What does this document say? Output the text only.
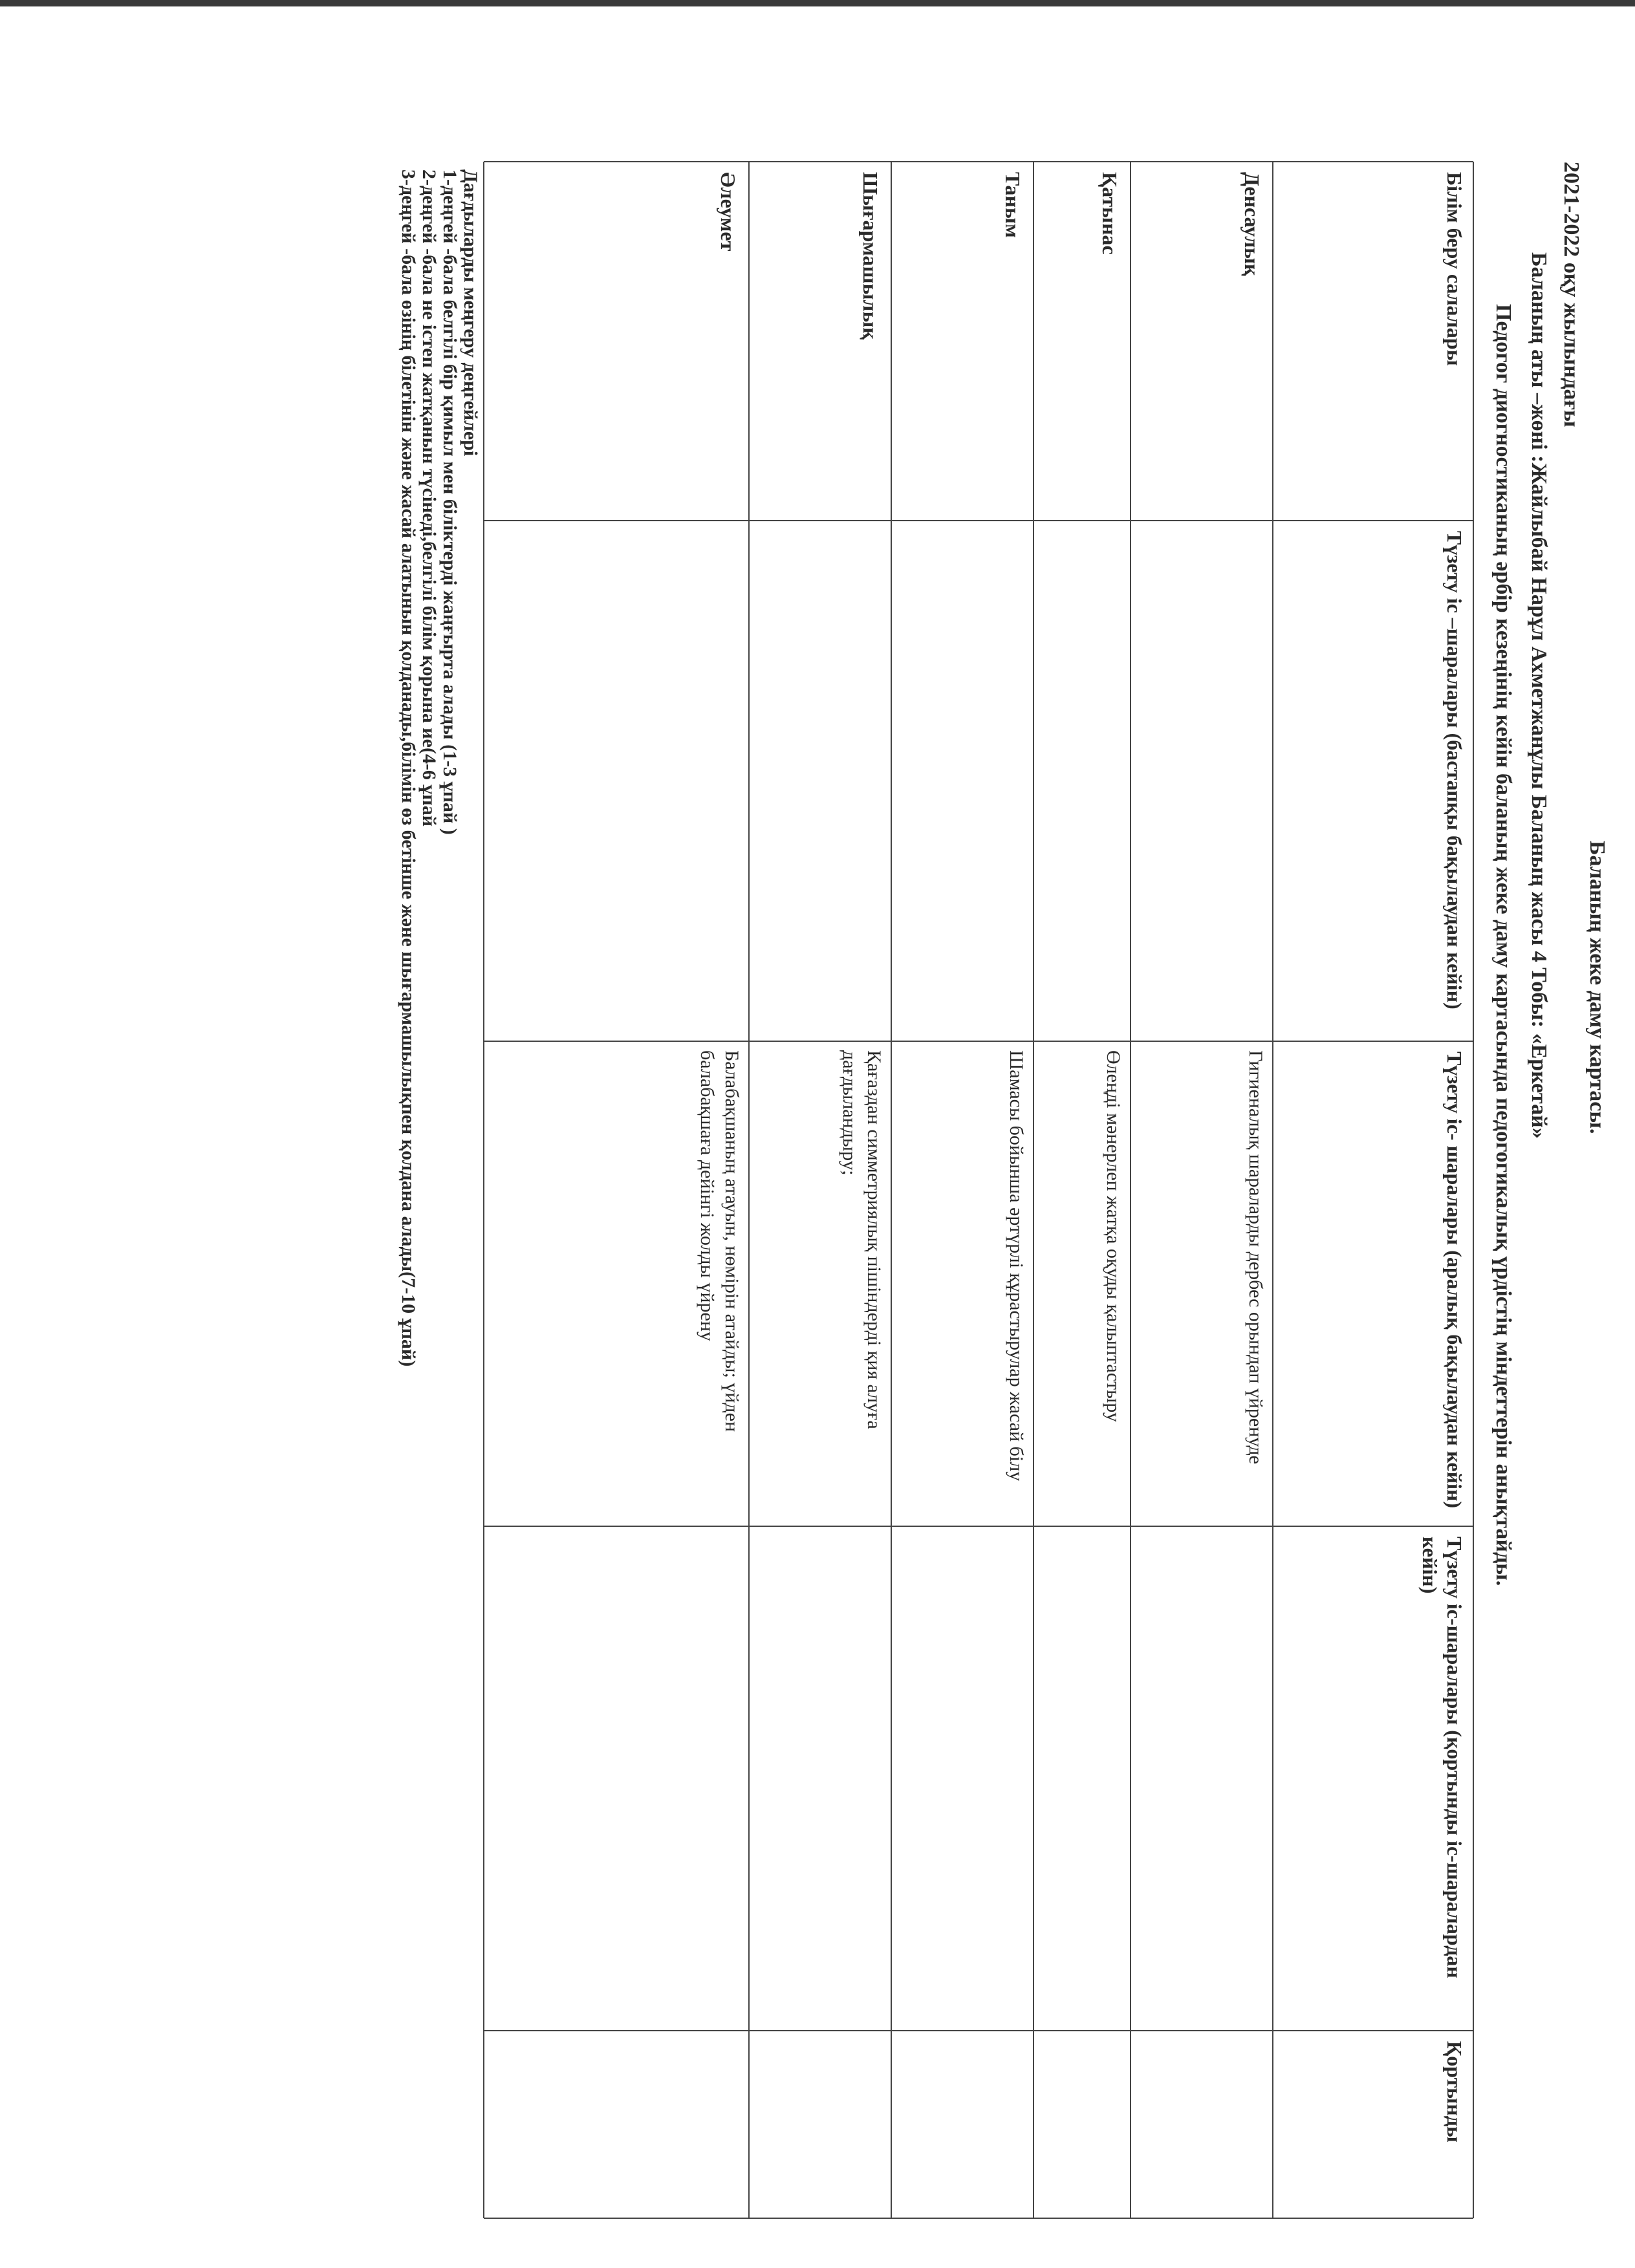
2021-2022 оқу жылындағы
Баланың жеке даму картасы.
Баланың аты –жөні :Жайлыбай Нарұл Ахметжанұлы Баланың жасы 4 Тобы: «Еркетай»
Педогог диогностиканың әрбір кезеңінің кейін баланың жеке даму картасында педогогикалық үрдістің міндеттерін анықтайды.
Білім беру салалары
Түзету іс –шаралары (бастапқы бақылаудан кейін)
Түзету іс- шаралары (аралық бақылаудан кейін)
Түзету іс-шаралары (қортынды іс-шаралардан кейін)
Қортынды
Денсаулық
Гигиеналық шараларды дербес орындап үйренуде
Қатынас
Өлеңді мәнерлеп жатқа оқуды қалыптастыру
Таным
Шамасы бойынша әртүрлі құрастырулар жасай білу
Шығармашылық
Қағаздан симметриялық пішіндерді қия алуға дағдыландыру;
Әлеумет
Балабақшаның атауын, нөмірін атайды; үйден балабақшаға дейінгі жолды үйрену
Дағдыларды меңгеру деңгейлері
1-деңгей -бала белгілі бір қимыл мен біліктерді жаңғырта алады (1-3 ұпай )
2-деңгей -бала не істеп жатқанын түсінеді,белгілі білім қорына ие(4-6 ұпай
3-деңгей -бала өзінің білетінін және жасай алатынын қолданады,білімін өз бетінше және шығармашылықпен қолдана алады(7-10 ұпай)
